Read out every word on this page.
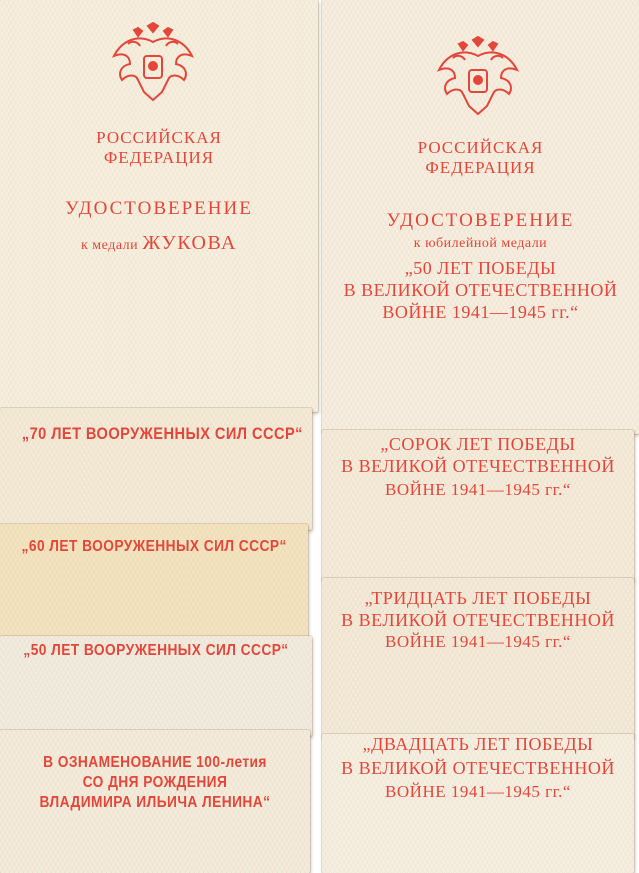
РОССИЙСКАЯ
ФЕДЕРАЦИЯ
УДОСТОВЕРЕНИЕ
к медали ЖУКОВА
„70 ЛЕТ ВООРУЖЕННЫХ СИЛ СССР“
„60 ЛЕТ ВООРУЖЕННЫХ СИЛ СССР“
„50 ЛЕТ ВООРУЖЕННЫХ СИЛ СССР“
В ОЗНАМЕНОВАНИЕ 100-летия
СО ДНЯ РОЖДЕНИЯ
ВЛАДИМИРА ИЛЬИЧА ЛЕНИНА“
РОССИЙСКАЯ
ФЕДЕРАЦИЯ
УДОСТОВЕРЕНИЕ
к юбилейной медали
„50 ЛЕТ ПОБЕДЫ
В ВЕЛИКОЙ ОТЕЧЕСТВЕННОЙ
ВОЙНЕ 1941—1945 гг.“
„СОРОК ЛЕТ ПОБЕДЫ
В ВЕЛИКОЙ ОТЕЧЕСТВЕННОЙ
ВОЙНЕ 1941—1945 гг.“
„ТРИДЦАТЬ ЛЕТ ПОБЕДЫ
В ВЕЛИКОЙ ОТЕЧЕСТВЕННОЙ
ВОЙНЕ 1941—1945 гг.“
„ДВАДЦАТЬ ЛЕТ ПОБЕДЫ
В ВЕЛИКОЙ ОТЕЧЕСТВЕННОЙ
ВОЙНЕ 1941—1945 гг.“
